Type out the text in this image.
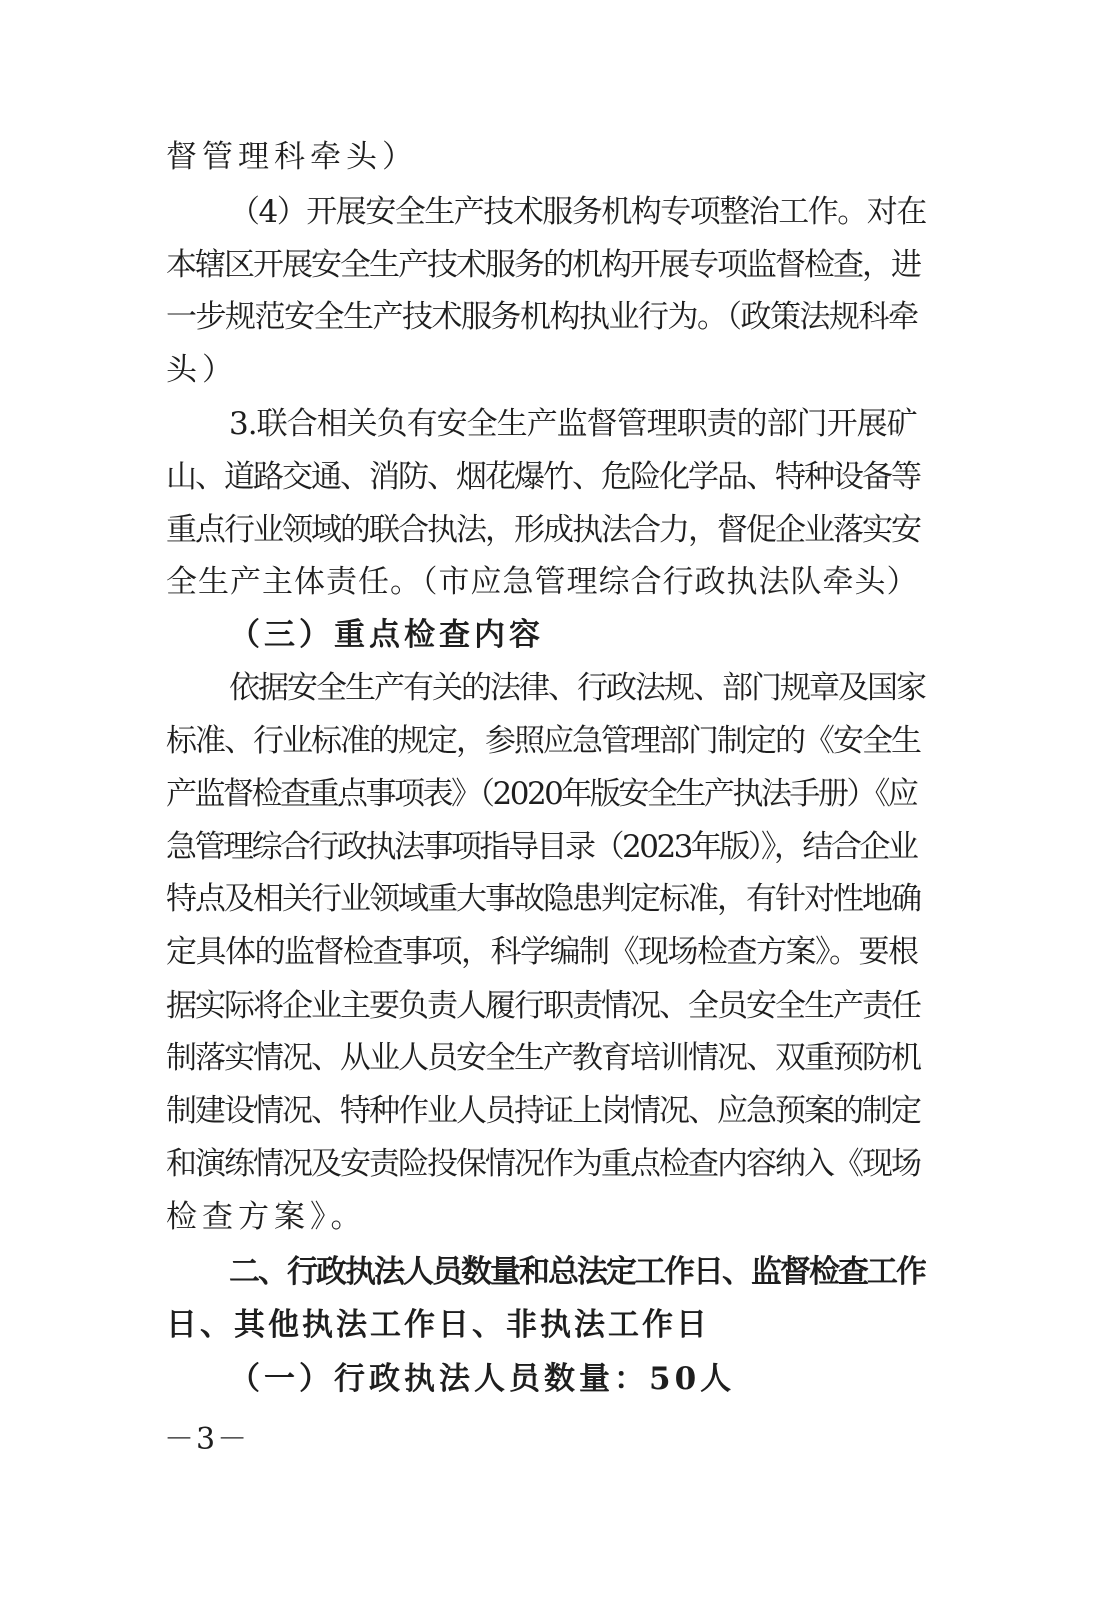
督管理科牵头）
（4）开展安全生产技术服务机构专项整治工作。对在
本辖区开展安全生产技术服务的机构开展专项监督检查，进
一步规范安全生产技术服务机构执业行为。（政策法规科牵
头）
3.联合相关负有安全生产监督管理职责的部门开展矿
山、道路交通、消防、烟花爆竹、危险化学品、特种设备等
重点行业领域的联合执法，形成执法合力，督促企业落实安
全生产主体责任。（市应急管理综合行政执法队牵头）
（三）重点检查内容
依据安全生产有关的法律、行政法规、部门规章及国家
标准、行业标准的规定，参照应急管理部门制定的《安全生
产监督检查重点事项表》（2020年版安全生产执法手册）《应
急管理综合行政执法事项指导目录（2023年版）》，结合企业
特点及相关行业领域重大事故隐患判定标准，有针对性地确
定具体的监督检查事项，科学编制《现场检查方案》。要根
据实际将企业主要负责人履行职责情况、全员安全生产责任
制落实情况、从业人员安全生产教育培训情况、双重预防机
制建设情况、特种作业人员持证上岗情况、应急预案的制定
和演练情况及安责险投保情况作为重点检查内容纳入《现场
检查方案》。
二、行政执法人员数量和总法定工作日、监督检查工作
日、其他执法工作日、非执法工作日
（一）行政执法人员数量：50人
－3－
